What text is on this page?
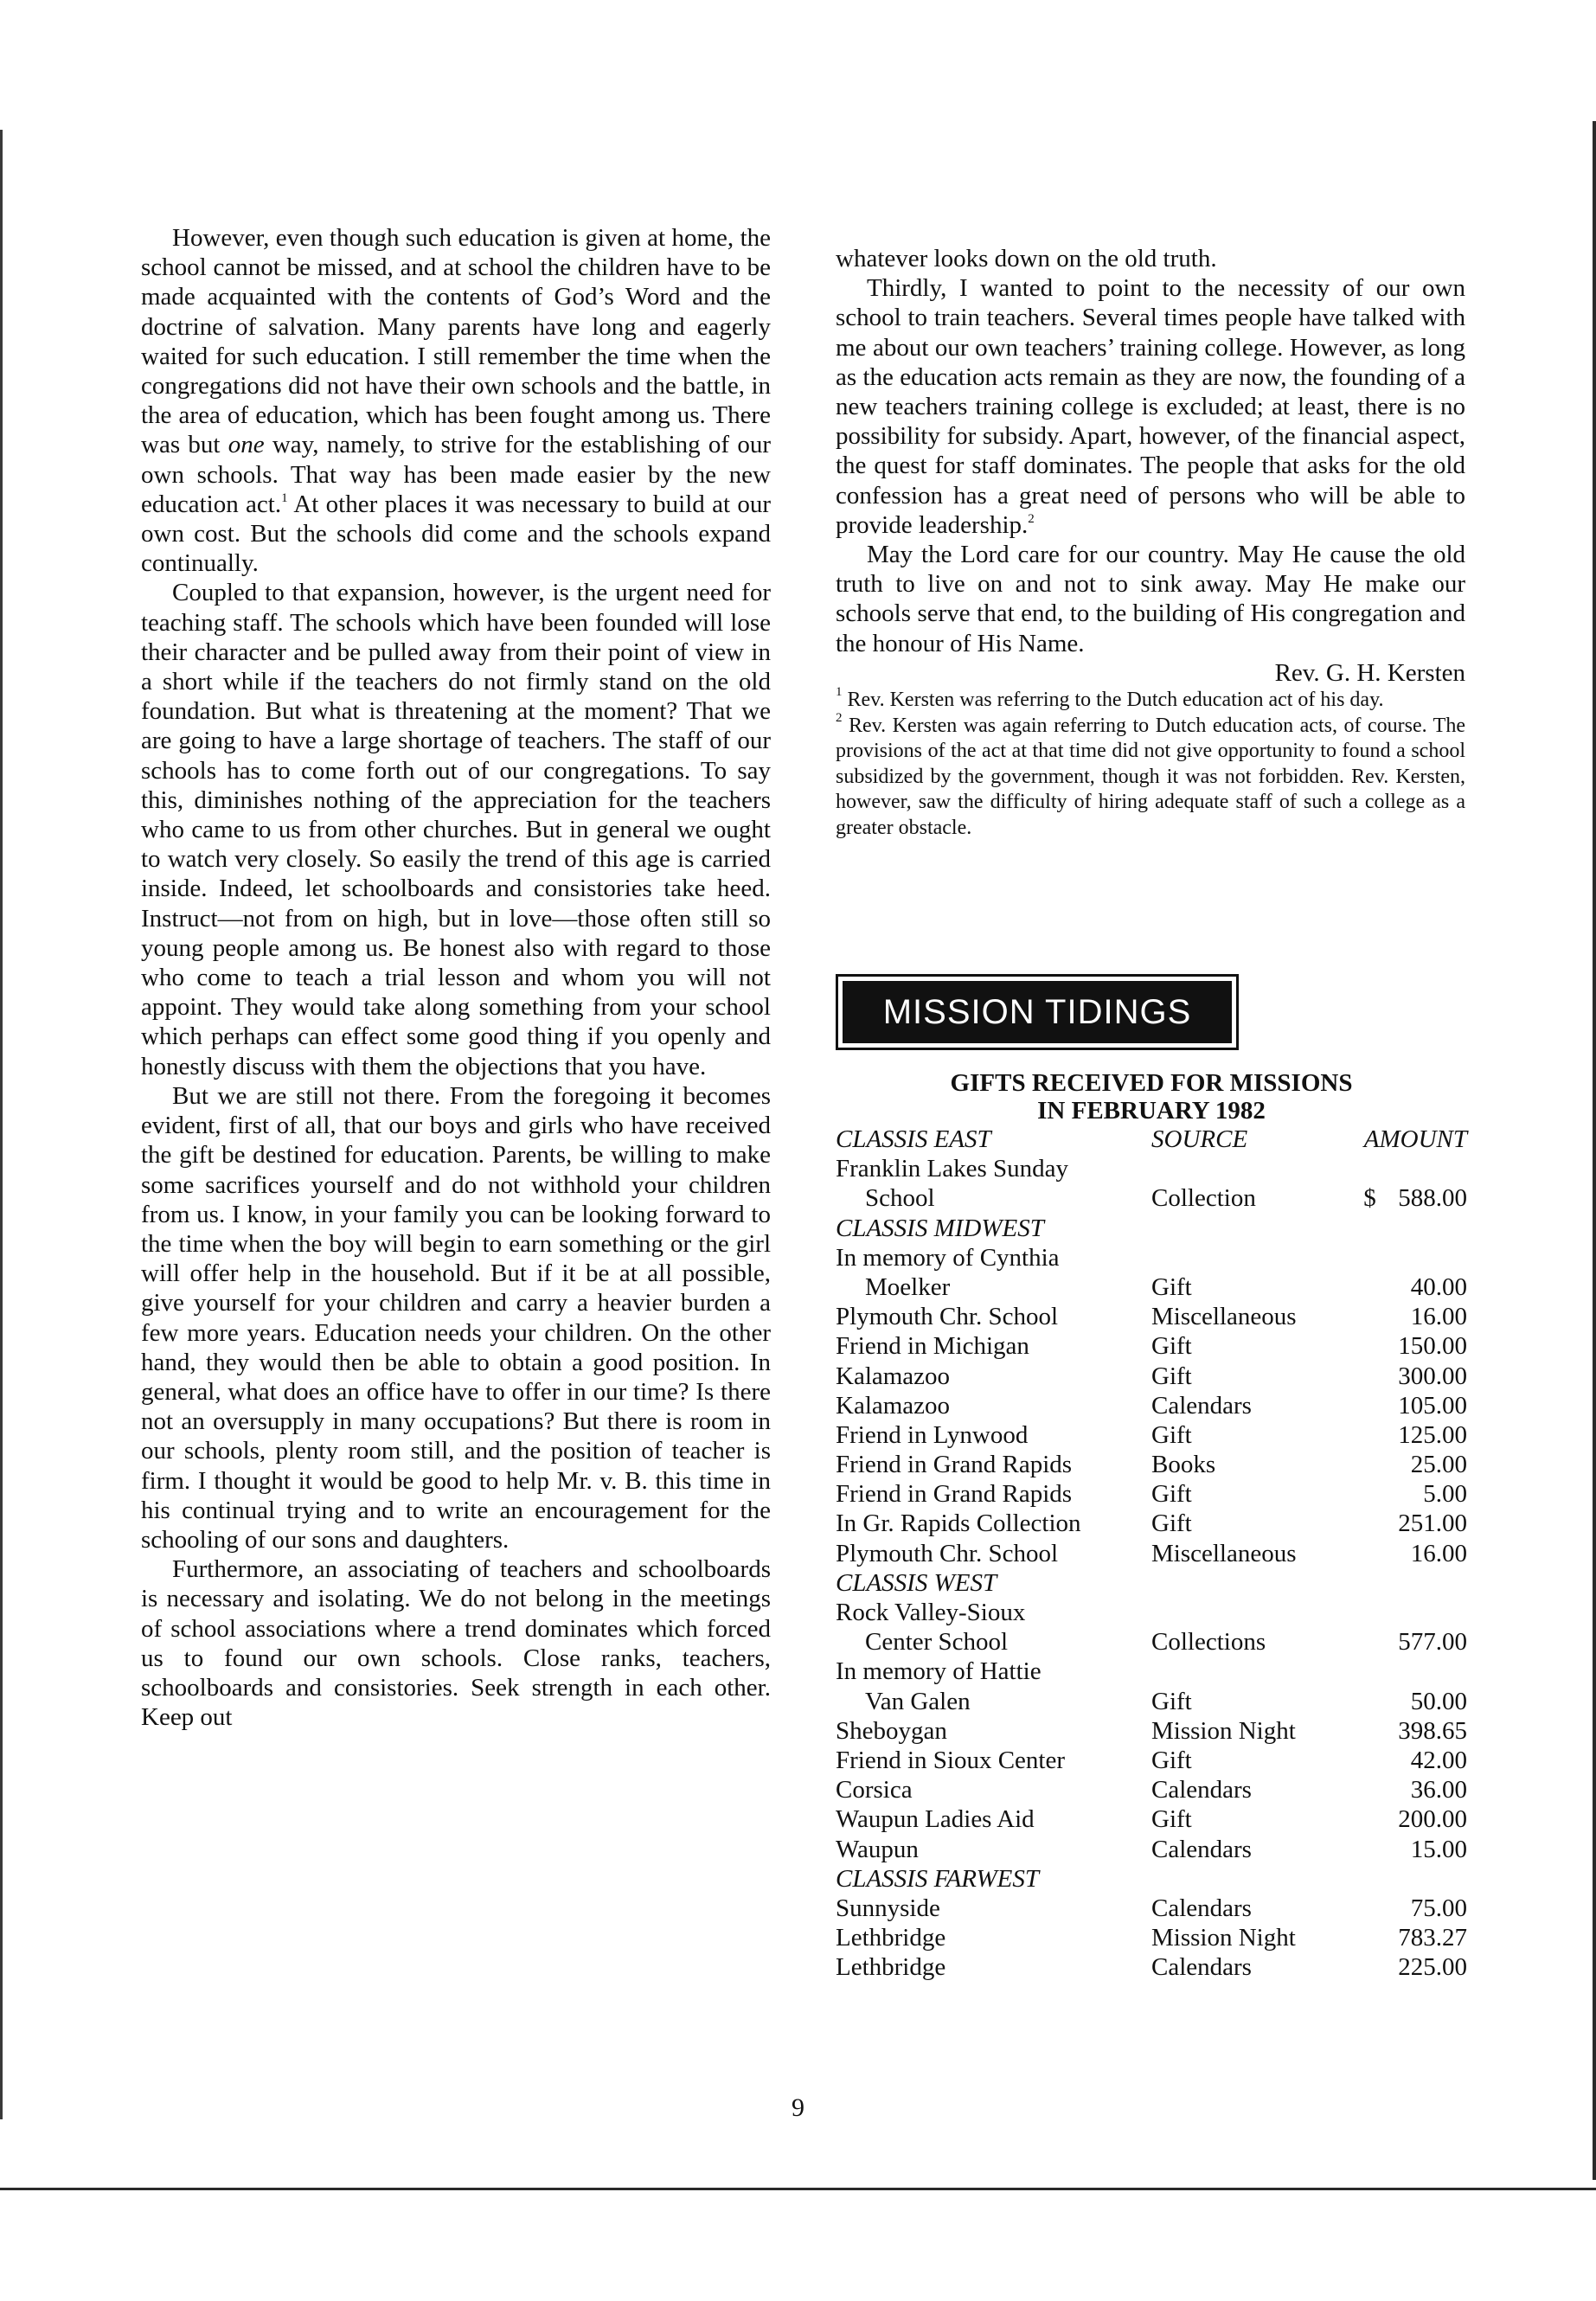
However, even though such education is given at home, the school cannot be missed, and at school the children have to be made acquainted with the contents of God’s Word and the doctrine of salvation. Many parents have long and eagerly waited for such education. I still remember the time when the congregations did not have their own schools and the battle, in the area of education, which has been fought among us. There was but one way, namely, to strive for the establishing of our own schools. That way has been made easier by the new education act.$^1$ At other places it was necessary to build at our own cost. But the schools did come and the schools expand continually.

Coupled to that expansion, however, is the urgent need for teaching staff. The schools which have been founded will lose their character and be pulled away from their point of view in a short while if the teachers do not firmly stand on the old foundation. But what is threatening at the moment? That we are going to have a large shortage of teachers. The staff of our schools has to come forth out of our congregations. To say this, diminishes nothing of the appreciation for the teachers who came to us from other churches. But in general we ought to watch very closely. So easily the trend of this age is carried inside. Indeed, let schoolboards and consistories take heed. Instruct—not from on high, but in love—those often still so young people among us. Be honest also with regard to those who come to teach a trial lesson and whom you will not appoint. They would take along something from your school which perhaps can effect some good thing if you openly and honestly discuss with them the objections that you have.

But we are still not there. From the foregoing it becomes evident, first of all, that our boys and girls who have received the gift be destined for education. Parents, be willing to make some sacrifices yourself and do not withhold your children from us. I know, in your family you can be looking forward to the time when the boy will begin to earn something or the girl will offer help in the household. But if it be at all possible, give yourself for your children and carry a heavier burden a few more years. Education needs your children. On the other hand, they would then be able to obtain a good position. In general, what does an office have to offer in our time? Is there not an oversupply in many occupations? But there is room in our schools, plenty room still, and the position of teacher is firm. I thought it would be good to help Mr. v. B. this time in his continual trying and to write an encouragement for the schooling of our sons and daughters.

Furthermore, an associating of teachers and schoolboards is necessary and isolating. We do not belong in the meetings of school associations where a trend dominates which forced us to found our own schools. Close ranks, teachers, schoolboards and consistories. Seek strength in each other. Keep out

whatever looks down on the old truth.

Thirdly, I wanted to point to the necessity of our own school to train teachers. Several times people have talked with me about our own teachers’ training college. However, as long as the education acts remain as they are now, the founding of a new teachers training college is excluded; at least, there is no possibility for subsidy. Apart, however, of the financial aspect, the quest for staff dominates. The people that asks for the old confession has a great need of persons who will be able to provide leadership.$^2$

May the Lord care for our country. May He cause the old truth to live on and not to sink away. May He make our schools serve that end, to the building of His congregation and the honour of His Name.

Rev. G. H. Kersten

$^1$ Rev. Kersten was referring to the Dutch education act of his day.

$^2$ Rev. Kersten was again referring to Dutch education acts, of course. The provisions of the act at that time did not give opportunity to found a school subsidized by the government, though it was not forbidden. Rev. Kersten, however, saw the difficulty of hiring adequate staff of such a college as a greater obstacle.

MISSION TIDINGS

GIFTS RECEIVED FOR MISSIONS

IN FEBRUARY 1982

CLASSIS EAST	SOURCE	AMOUNT
Franklin Lakes Sunday
School	Collection	$ 588.00
CLASSIS MIDWEST
In memory of Cynthia
Moelker	Gift	40.00
Plymouth Chr. School	Miscellaneous	16.00
Friend in Michigan	Gift	150.00
Kalamazoo	Gift	300.00
Kalamazoo	Calendars	105.00
Friend in Lynwood	Gift	125.00
Friend in Grand Rapids	Books	25.00
Friend in Grand Rapids	Gift	5.00
In Gr. Rapids Collection	Gift	251.00
Plymouth Chr. School	Miscellaneous	16.00
CLASSIS WEST
Rock Valley-Sioux
Center School	Collections	577.00
In memory of Hattie
Van Galen	Gift	50.00
Sheboygan	Mission Night	398.65
Friend in Sioux Center	Gift	42.00
Corsica	Calendars	36.00
Waupun Ladies Aid	Gift	200.00
Waupun	Calendars	15.00
CLASSIS FARWEST
Sunnyside	Calendars	75.00
Lethbridge	Mission Night	783.27
Lethbridge	Calendars	225.00
9
